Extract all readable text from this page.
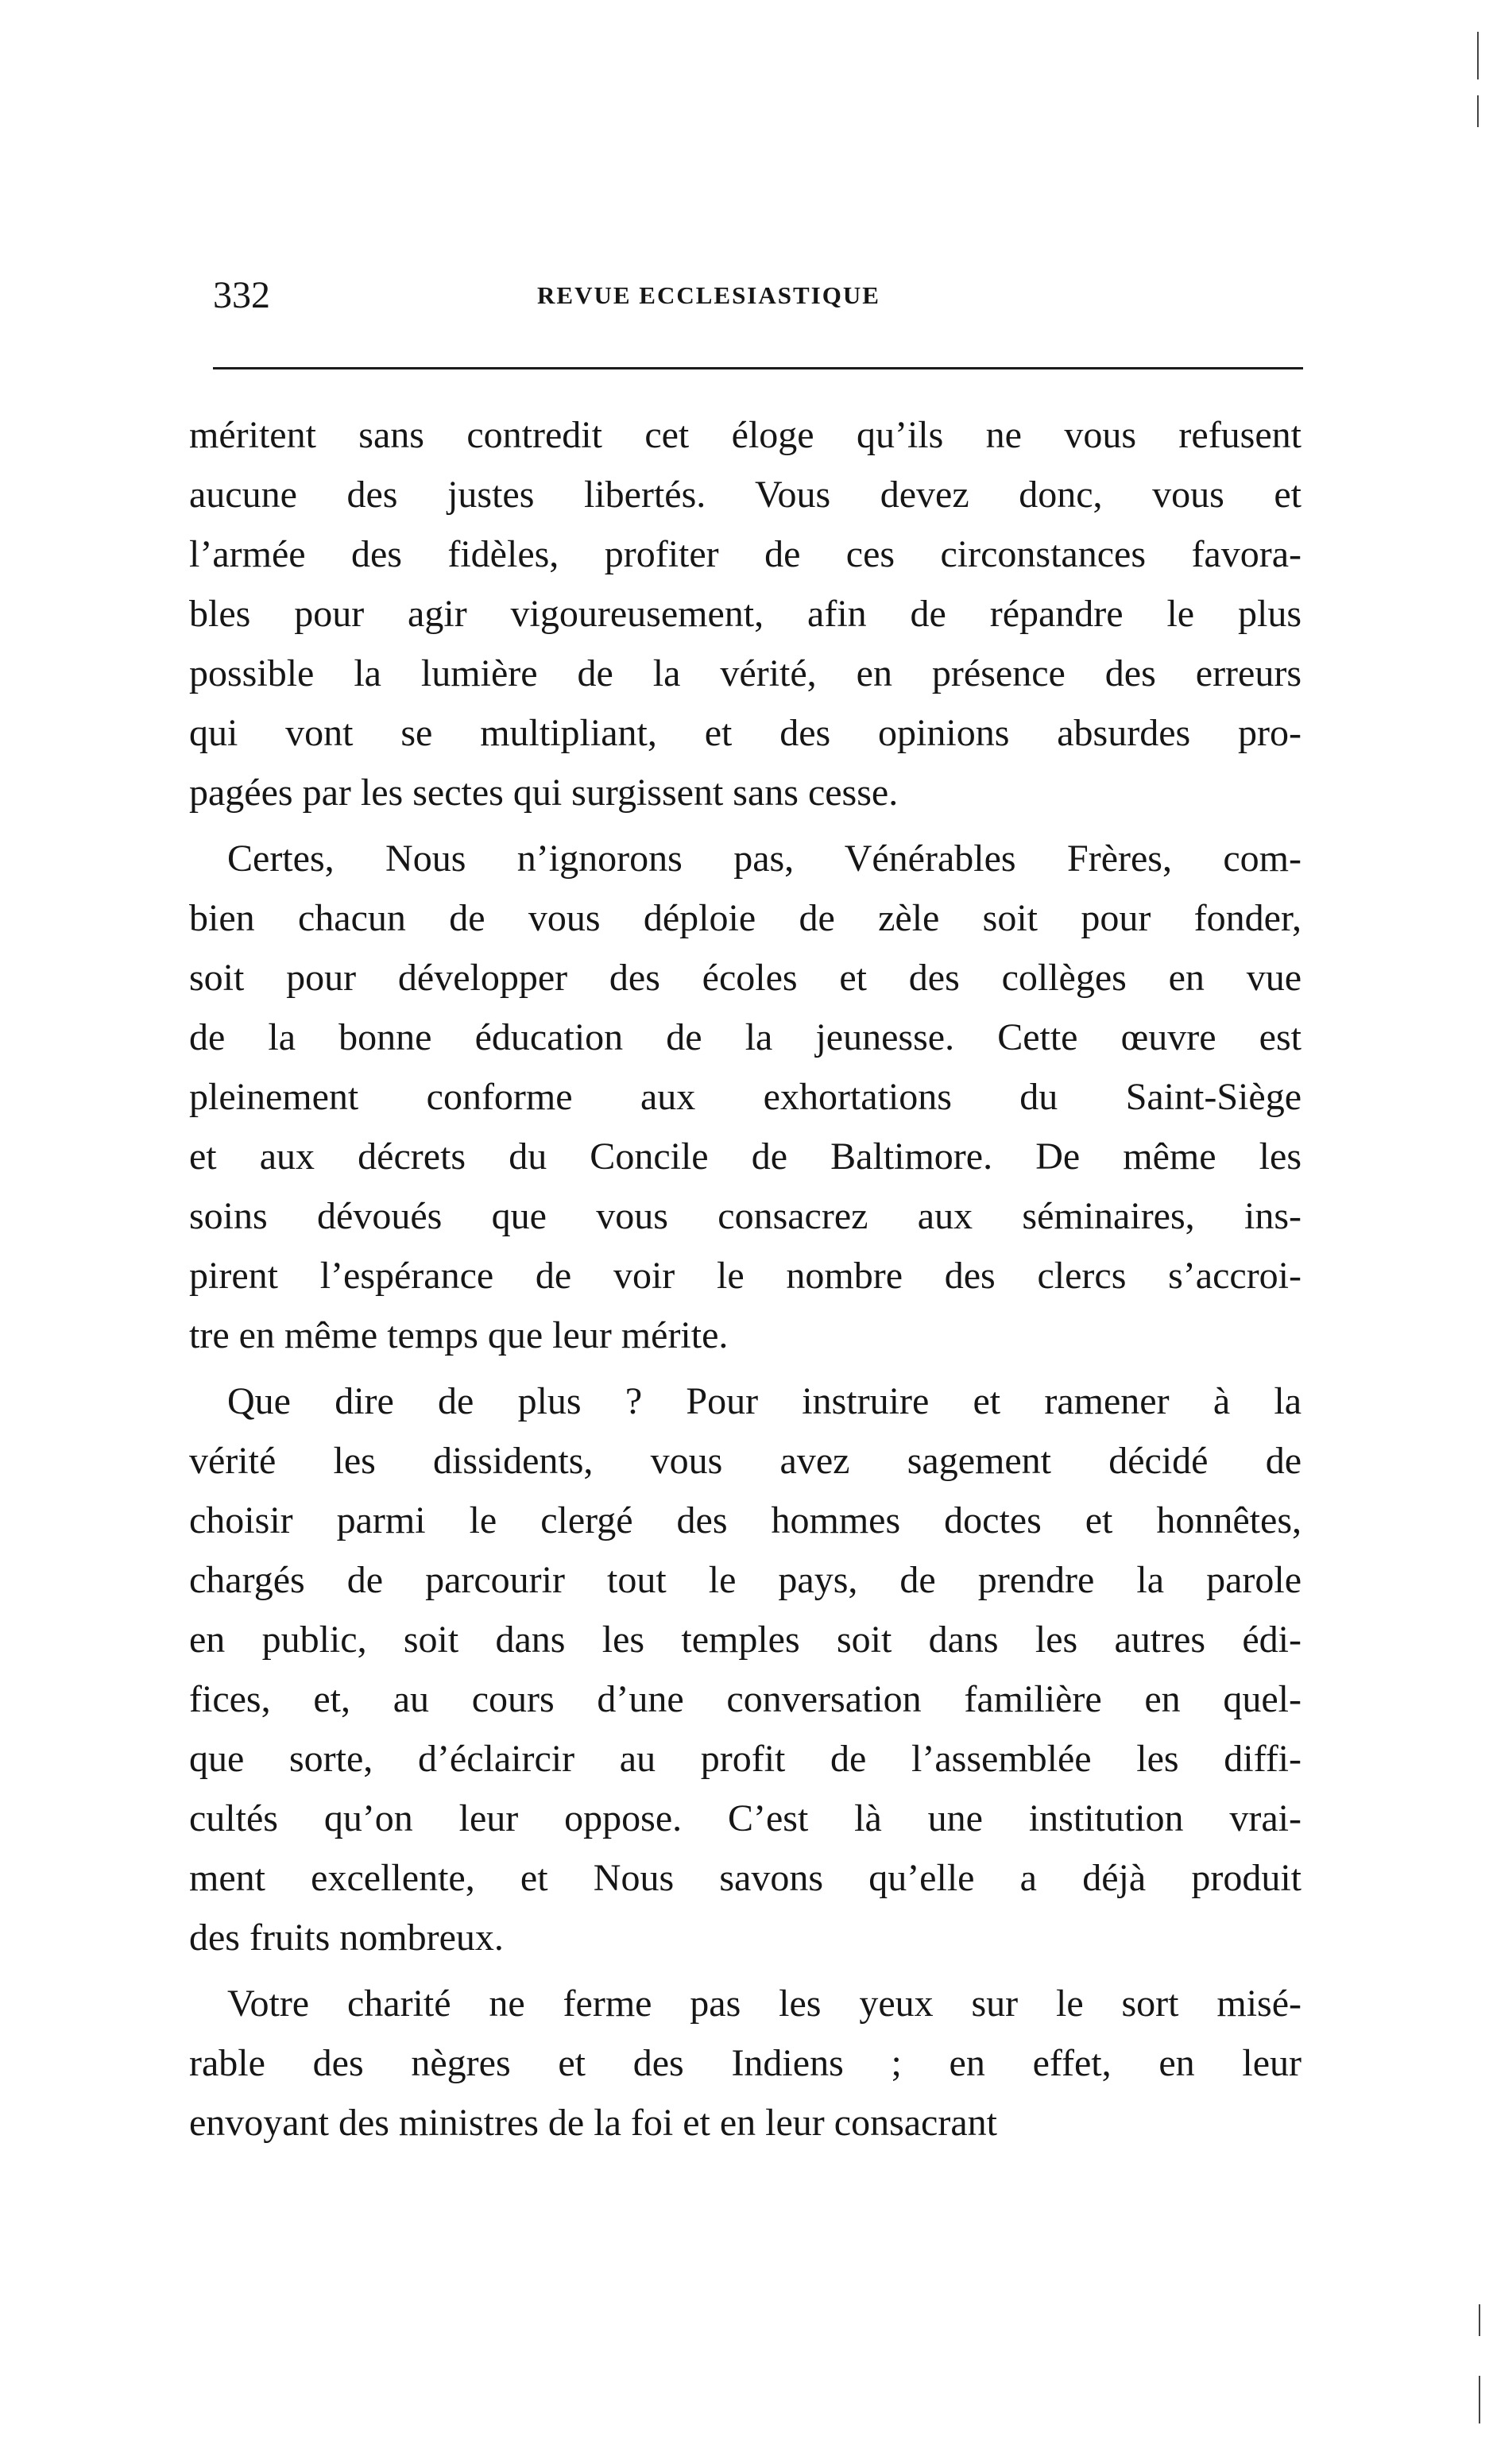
332	REVUE ECCLESIASTIQUE
méritent sans contredit cet éloge qu’ils ne vous refusent
aucune des justes libertés. Vous devez donc, vous et
l’armée des fidèles, profiter de ces circonstances favora-
bles pour agir vigoureusement, afin de répandre le plus
possible la lumière de la vérité, en présence des erreurs
qui vont se multipliant, et des opinions absurdes pro-
pagées par les sectes qui surgissent sans cesse.
Certes, Nous n’ignorons pas, Vénérables Frères, com-
bien chacun de vous déploie de zèle soit pour fonder,
soit pour développer des écoles et des collèges en vue
de la bonne éducation de la jeunesse. Cette œuvre est
pleinement conforme aux exhortations du Saint-Siège
et aux décrets du Concile de Baltimore. De même les
soins dévoués que vous consacrez aux séminaires, ins-
pirent l’espérance de voir le nombre des clercs s’accroi-
tre en même temps que leur mérite.
Que dire de plus ? Pour instruire et ramener à la
vérité les dissidents, vous avez sagement décidé de
choisir parmi le clergé des hommes doctes et honnêtes,
chargés de parcourir tout le pays, de prendre la parole
en public, soit dans les temples soit dans les autres édi-
fices, et, au cours d’une conversation familière en quel-
que sorte, d’éclaircir au profit de l’assemblée les diffi-
cultés qu’on leur oppose. C’est là une institution vrai-
ment excellente, et Nous savons qu’elle a déjà produit
des fruits nombreux.
Votre charité ne ferme pas les yeux sur le sort misé-
rable des nègres et des Indiens ; en effet, en leur
envoyant des ministres de la foi et en leur consacrant
